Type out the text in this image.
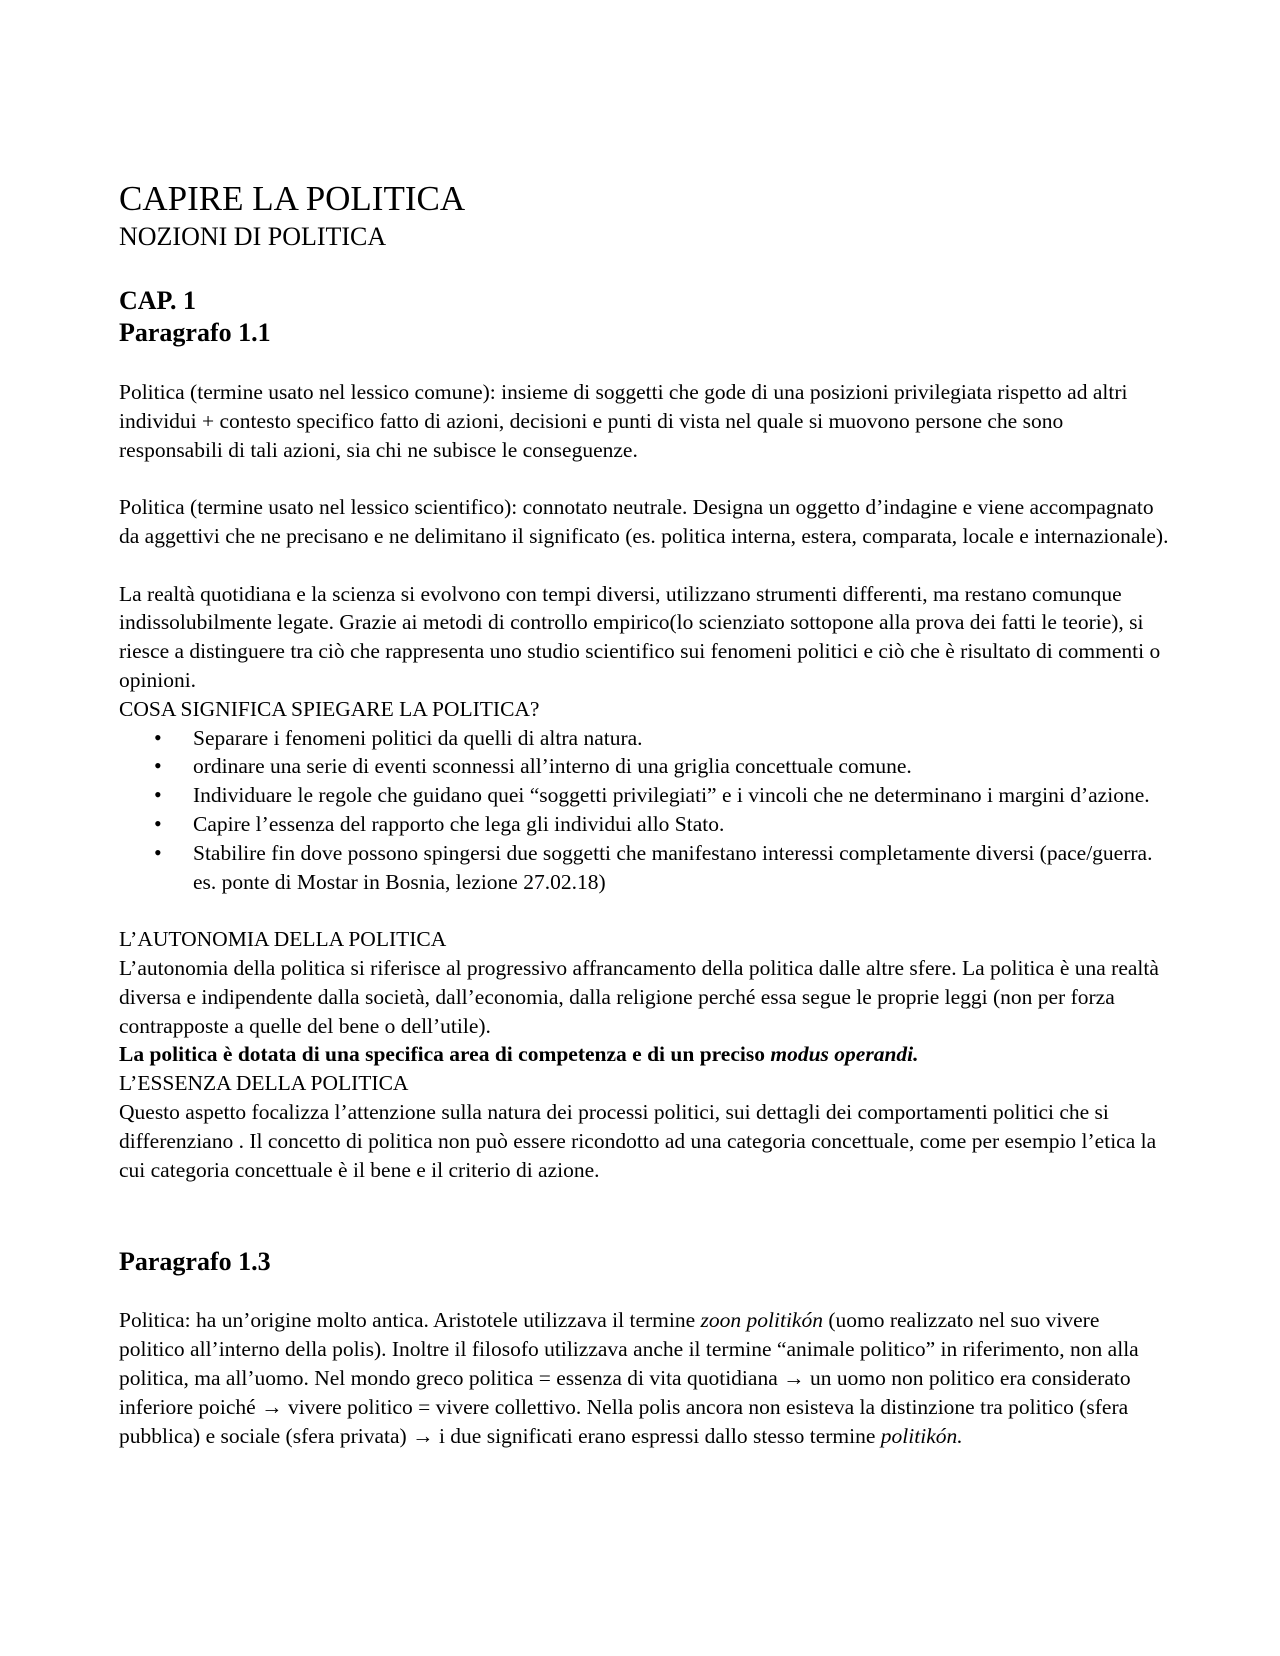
CAPIRE LA POLITICA
NOZIONI DI POLITICA
CAP. 1
Paragrafo 1.1

Politica (termine usato nel lessico comune): insieme di soggetti che gode di una posizioni privilegiata rispetto ad altri individui + contesto specifico fatto di azioni, decisioni e punti di vista nel quale si muovono persone che sono responsabili di tali azioni, sia chi ne subisce le conseguenze.

Politica (termine usato nel lessico scientifico): connotato neutrale. Designa un oggetto d’indagine e viene accompagnato da aggettivi che ne precisano e ne delimitano il significato (es. politica interna, estera, comparata, locale e internazionale).

La realtà quotidiana e la scienza si evolvono con tempi diversi, utilizzano strumenti differenti, ma restano comunque indissolubilmente legate. Grazie ai metodi di controllo empirico(lo scienziato sottopone alla prova dei fatti le teorie), si riesce a distinguere tra ciò che rappresenta uno studio scientifico sui fenomeni politici e ciò che è risultato di commenti o opinioni.

COSA SIGNIFICA SPIEGARE LA POLITICA?
• Separare i fenomeni politici da quelli di altra natura.
• ordinare una serie di eventi sconnessi all’interno di una griglia concettuale comune.
• Individuare le regole che guidano quei “soggetti privilegiati” e i vincoli che ne determinano i margini d’azione.
• Capire l’essenza del rapporto che lega gli individui allo Stato.
• Stabilire fin dove possono spingersi due soggetti che manifestano interessi completamente diversi (pace/guerra. es. ponte di Mostar in Bosnia, lezione 27.02.18)
L’AUTONOMIA DELLA POLITICA

L’autonomia della politica si riferisce al progressivo affrancamento della politica dalle altre sfere. La politica è una realtà diversa e indipendente dalla società, dall’economia, dalla religione perché essa segue le proprie leggi (non per forza contrapposte a quelle del bene o dell’utile).

La politica è dotata di una specifica area di competenza e di un preciso modus operandi.

L’ESSENZA DELLA POLITICA

Questo aspetto focalizza l’attenzione sulla natura dei processi politici, sui dettagli dei comportamenti politici che si differenziano . Il concetto di politica non può essere ricondotto ad una categoria concettuale, come per esempio l’etica la cui categoria concettuale è il bene e il criterio di azione.

Paragrafo 1.3

Politica: ha un’origine molto antica. Aristotele utilizzava il termine zoon politikón (uomo realizzato nel suo vivere politico all’interno della polis). Inoltre il filosofo utilizzava anche il termine “animale politico” in riferimento, non alla politica, ma all’uomo. Nel mondo greco politica = essenza di vita quotidiana → un uomo non politico era considerato inferiore poiché → vivere politico = vivere collettivo. Nella polis ancora non esisteva la distinzione tra politico (sfera pubblica) e sociale (sfera privata) → i due significati erano espressi dallo stesso termine politikón.
